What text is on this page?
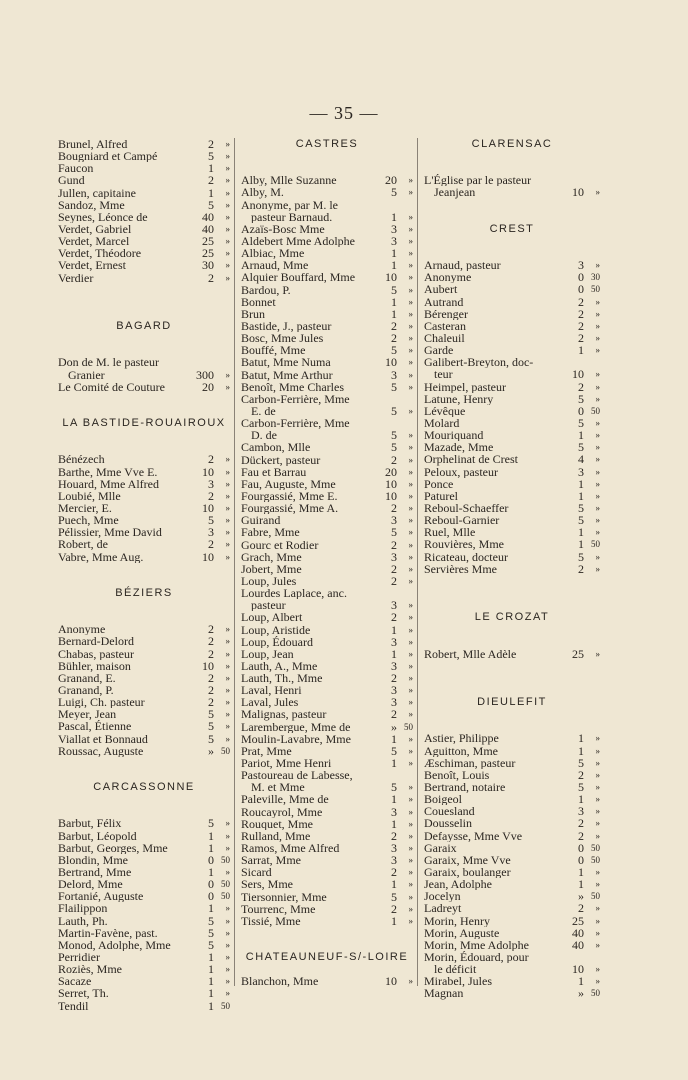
— 35 —
Brunel, Alfred	2	»
Bougniard et Campé	5	»
Faucon	1	»
Gund	2	»
Jullen, capitaine	1	»
Sandoz, Mme	5	»
Seynes, Léonce de	40	»
Verdet, Gabriel	40	»
Verdet, Marcel	25	»
Verdet, Théodore	25	»
Verdet, Ernest	30	»
Verdier	2	»
BAGARD
Don de M. le pasteur
Granier	300	»
Le Comité de Couture	20	»
LA BASTIDE-ROUAIROUX
Bénézech	2	»
Barthe, Mme Vve E.	10	»
Houard, Mme Alfred	3	»
Loubié, Mlle	2	»
Mercier, E.	10	»
Puech, Mme	5	»
Pélissier, Mme David	3	»
Robert, de	2	»
Vabre, Mme Aug.	10	»
BÉZIERS
Anonyme	2	»
Bernard-Delord	2	»
Chabas, pasteur	2	»
Bühler, maison	10	»
Granand, E.	2	»
Granand, P.	2	»
Luigi, Ch. pasteur	2	»
Meyer, Jean	5	»
Pascal, Étienne	5	»
Viallat et Bonnaud	5	»
Roussac, Auguste	» 50
CARCASSONNE
Barbut, Félix	5	»
Barbut, Léopold	1	»
Barbut, Georges, Mme	1	»
Blondin, Mme	0 50
Bertrand, Mme	1	»
Delord, Mme	0 50
Fortanié, Auguste	0 50
Flailippon	1	»
Lauth, Ph.	5	»
Martin-Favène, past.	5	»
Monod, Adolphe, Mme	5	»
Perridier	1	»
Roziès, Mme	1	»
Sacaze	1	»
Serret, Th.	1	»
Tendil	1 50
CASTRES
Alby, Mlle Suzanne	20	»
Alby, M.	5	»
Anonyme, par M. le
pasteur Barnaud.	1	»
Azaïs-Bosc Mme	3	»
Aldebert Mme Adolphe	3	»
Albiac, Mme	1	»
Arnaud, Mme	1	»
Alquier Bouffard, Mme	10	»
Bardou, P.	5	»
Bonnet	1	»
Brun	1	»
Bastide, J., pasteur	2	»
Bosc, Mme Jules	2	»
Bouffé, Mme	5	»
Batut, Mme Numa	10	»
Batut, Mme Arthur	3	»
Benoît, Mme Charles	5	»
Carbon-Ferrière, Mme
E. de	5	»
Carbon-Ferrière, Mme
D. de	5	»
Cambon, Mlle	5	»
Dückert, pasteur	2	»
Fau et Barrau	20	»
Fau, Auguste, Mme	10	»
Fourgassié, Mme E.	10	»
Fourgassié, Mme A.	2	»
Guirand	3	»
Fabre, Mme	5	»
Gourc et Rodier	2	»
Grach, Mme	3	»
Jobert, Mme	2	»
Loup, Jules	2	»
Lourdes Laplace, anc.
pasteur	3	»
Loup, Albert	2	»
Loup, Aristide	1	»
Loup, Édouard	3	»
Loup, Jean	1	»
Lauth, A., Mme	3	»
Lauth, Th., Mme	2	»
Laval, Henri	3	»
Laval, Jules	3	»
Malignas, pasteur	2	»
Larembergue, Mme de	» 50
Moulin-Lavabre, Mme	1	»
Prat, Mme	5	»
Pariot, Mme Henri	1	»
Pastoureau de Labesse,
M. et Mme	5	»
Paleville, Mme de	1	»
Roucayrol, Mme	3	»
Rouquet, Mme	1	»
Rulland, Mme	2	»
Ramos, Mme Alfred	3	»
Sarrat, Mme	3	»
Sicard	2	»
Sers, Mme	1	»
Tiersonnier, Mme	5	»
Tourrenc, Mme	2	»
Tissié, Mme	1	»
CHATEAUNEUF-S/-LOIRE
Blanchon, Mme	10	»
CLARENSAC
L'Église par le pasteur
Jeanjean	10	»
CREST
Arnaud, pasteur	3	»
Anonyme	0 30
Aubert	0 50
Autrand	2	»
Bérenger	2	»
Casteran	2	»
Chaleuil	2	»
Garde	1	»
Galibert-Breyton, doc-
teur	10	»
Heimpel, pasteur	2	»
Latune, Henry	5	»
Lévêque	0 50
Molard	5	»
Mouriquand	1	»
Mazade, Mme	5	»
Orphelinat de Crest	4	»
Peloux, pasteur	3	»
Ponce	1	»
Paturel	1	»
Reboul-Schaeffer	5	»
Reboul-Garnier	5	»
Ruel, Mlle	1	»
Rouvières, Mme	1 50
Ricateau, docteur	5	»
Servières Mme	2	»
LE CROZAT
Robert, Mlle Adèle	25	»
DIEULEFIT
Astier, Philippe	1	»
Aguitton, Mme	1	»
Æschiman, pasteur	5	»
Benoît, Louis	2	»
Bertrand, notaire	5	»
Boigeol	1	»
Couesland	3	»
Dousselin	2	»
Defaysse, Mme Vve	2	»
Garaix	0 50
Garaix, Mme Vve	0 50
Garaix, boulanger	1	»
Jean, Adolphe	1	»
Jocelyn	» 50
Ladreyt	2	»
Morin, Henry	25	»
Morin, Auguste	40	»
Morin, Mme Adolphe	40	»
Morin, Édouard, pour
le déficit	10	»
Mirabel, Jules	1	»
Magnan	» 50
